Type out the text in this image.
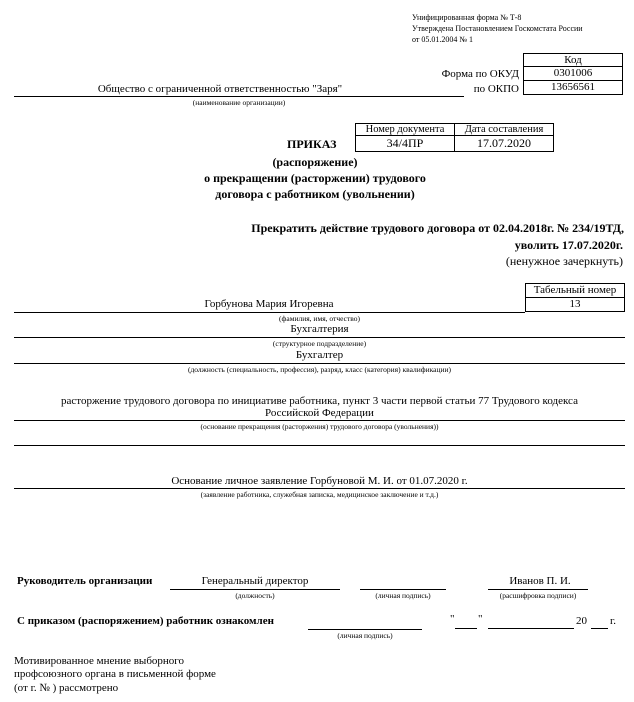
Унифицированная форма № Т-8
Утверждена Постановлением Госкомстата России
от 05.01.2004 № 1
Код
Форма по ОКУД	0301006
по ОКПО	13656561
Общество с ограниченной ответственностью "Заря"
(наименование организации)
ПРИКАЗ
(распоряжение)
о прекращении (расторжении) трудового
договора с работником (увольнении)
Номер документа	Дата составления
34/4ПР	17.07.2020
Прекратить действие трудового договора от 02.04.2018г. № 234/19ТД,
уволить 17.07.2020г.
(ненужное зачеркнуть)
Табельный номер
13
Горбунова Мария Игоревна
(фамилия, имя, отчество)
Бухгалтерия
(структурное подразделение)
Бухгалтер
(должность (специальность, профессия), разряд, класс (категория) квалификации)
расторжение трудового договора по инициативе работника, пункт 3 части первой статьи 77 Трудового кодекса
Российской Федерации
(основание прекращения (расторжения) трудового договора (увольнения))
Основание личное заявление Горбуновой М. И. от 01.07.2020 г.
(заявление работника, служебная записка, медицинское заключение и т.д.)
Руководитель организации	Генеральный директор
(должность)	(личная подпись)
Иванов П. И.
(расшифровка подписи)
С приказом (распоряжением) работник ознакомлен
(личная подпись)
" "	20 г.
Мотивированное мнение выборного
профсоюзного органа в письменной форме
(от г. № ) рассмотрено
